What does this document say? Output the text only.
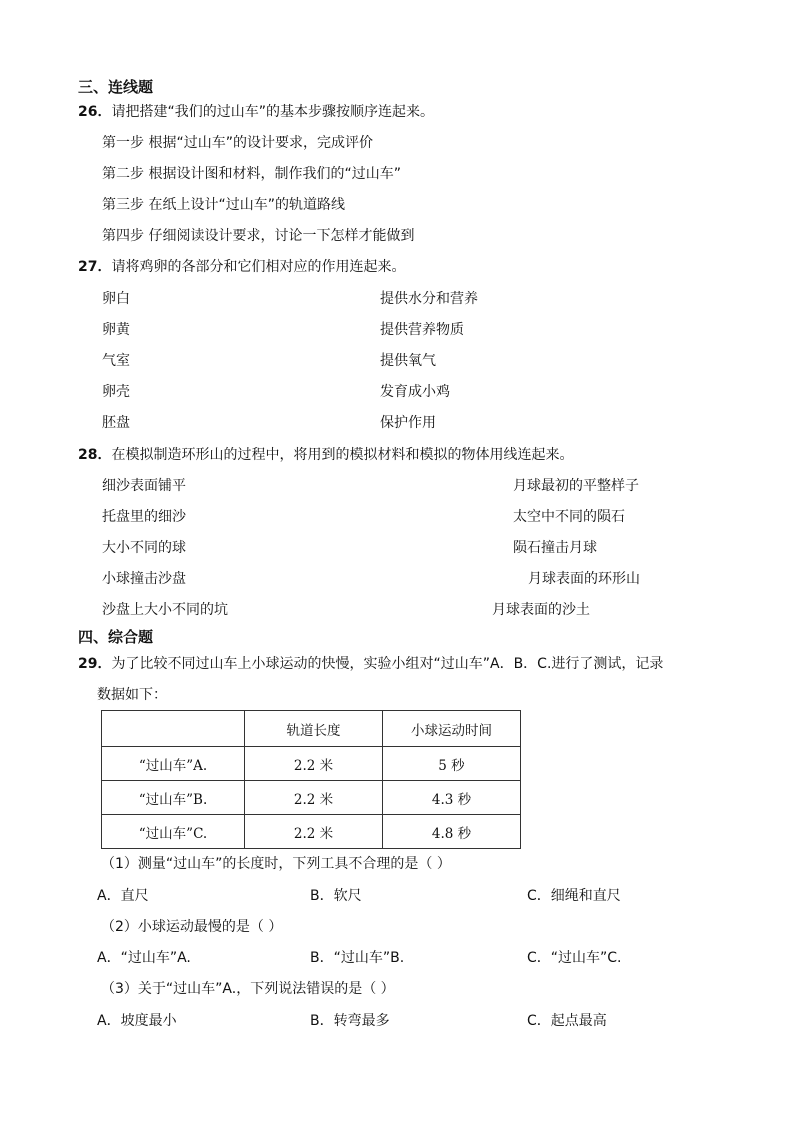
三、连线题
26．请把搭建“我们的过山车”的基本步骤按顺序连起来。
第一步 根据“过山车”的设计要求，完成评价
第二步 根据设计图和材料，制作我们的“过山车”
第三步 在纸上设计“过山车”的轨道路线
第四步 仔细阅读设计要求，讨论一下怎样才能做到
27．请将鸡卵的各部分和它们相对应的作用连起来。
卵白
卵黄
气室
卵壳
胚盘
提供水分和营养
提供营养物质
提供氧气
发育成小鸡
保护作用
28．在模拟制造环形山的过程中，将用到的模拟材料和模拟的物体用线连起来。
细沙表面铺平
托盘里的细沙
大小不同的球
小球撞击沙盘
沙盘上大小不同的坑
月球最初的平整样子
太空中不同的陨石
陨石撞击月球
月球表面的环形山
月球表面的沙土
四、综合题
29．为了比较不同过山车上小球运动的快慢，实验小组对“过山车”A．B．C.进行了测试，记录
数据如下：
	轨道长度	小球运动时间
“过山车”A.	2.2 米	5 秒
“过山车”B.	2.2 米	4.3 秒
“过山车”C.	2.2 米	4.8 秒
（1）测量“过山车”的长度时，下列工具不合理的是（ ）
A．直尺	B．软尺	C．细绳和直尺
（2）小球运动最慢的是（ ）
A．“过山车”A.	B．“过山车”B.	C．“过山车”C.
（3）关于“过山车”A.，下列说法错误的是（ ）
A．坡度最小	B．转弯最多	C．起点最高
